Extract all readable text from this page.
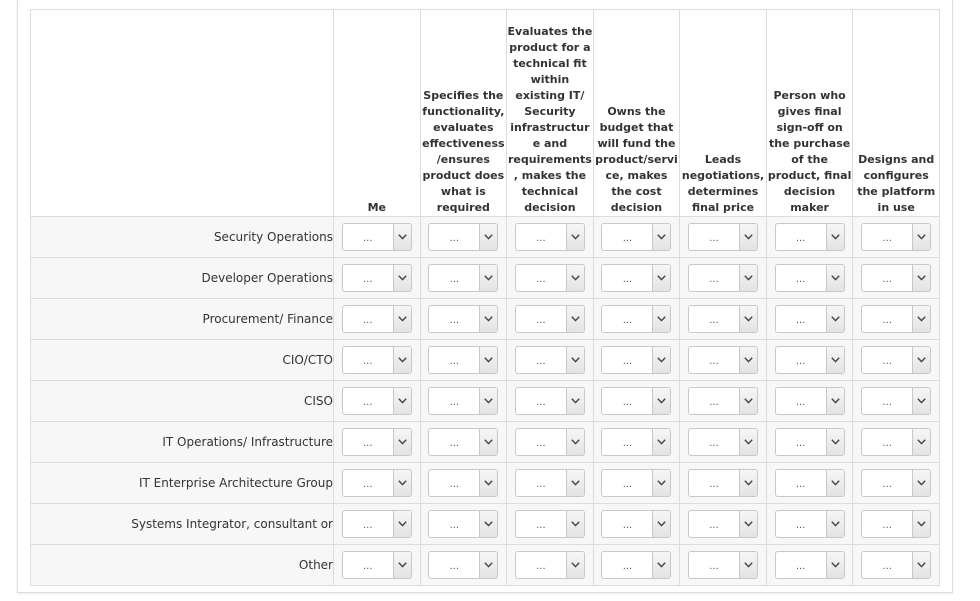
	Me	Specifies the functionality, evaluates effectiveness/ensures product does what is required	Evaluates the product for a technical fit within existing IT/ Security infrastructure and requirements, makes the technical decision	Owns the budget that will fund the product/service, makes the cost decision	Leads negotiations, determines final price	Person who gives final sign-off on the purchase of the product, final decision maker	Designs and configures the platform in use
Security Operations	...	...	...	...	...	...	...

Developer Operations	...	...	...	...	...	...	...

Procurement/ Finance	...	...	...	...	...	...	...

CIO/CTO	...	...	...	...	...	...	...

CISO	...	...	...	...	...	...	...

IT Operations/ Infrastructure	...	...	...	...	...	...	...

IT Enterprise Architecture Group	...	...	...	...	...	...	...

Systems Integrator, consultant or	...	...	...	...	...	...	...

Other	...	...	...	...	...	...	...
